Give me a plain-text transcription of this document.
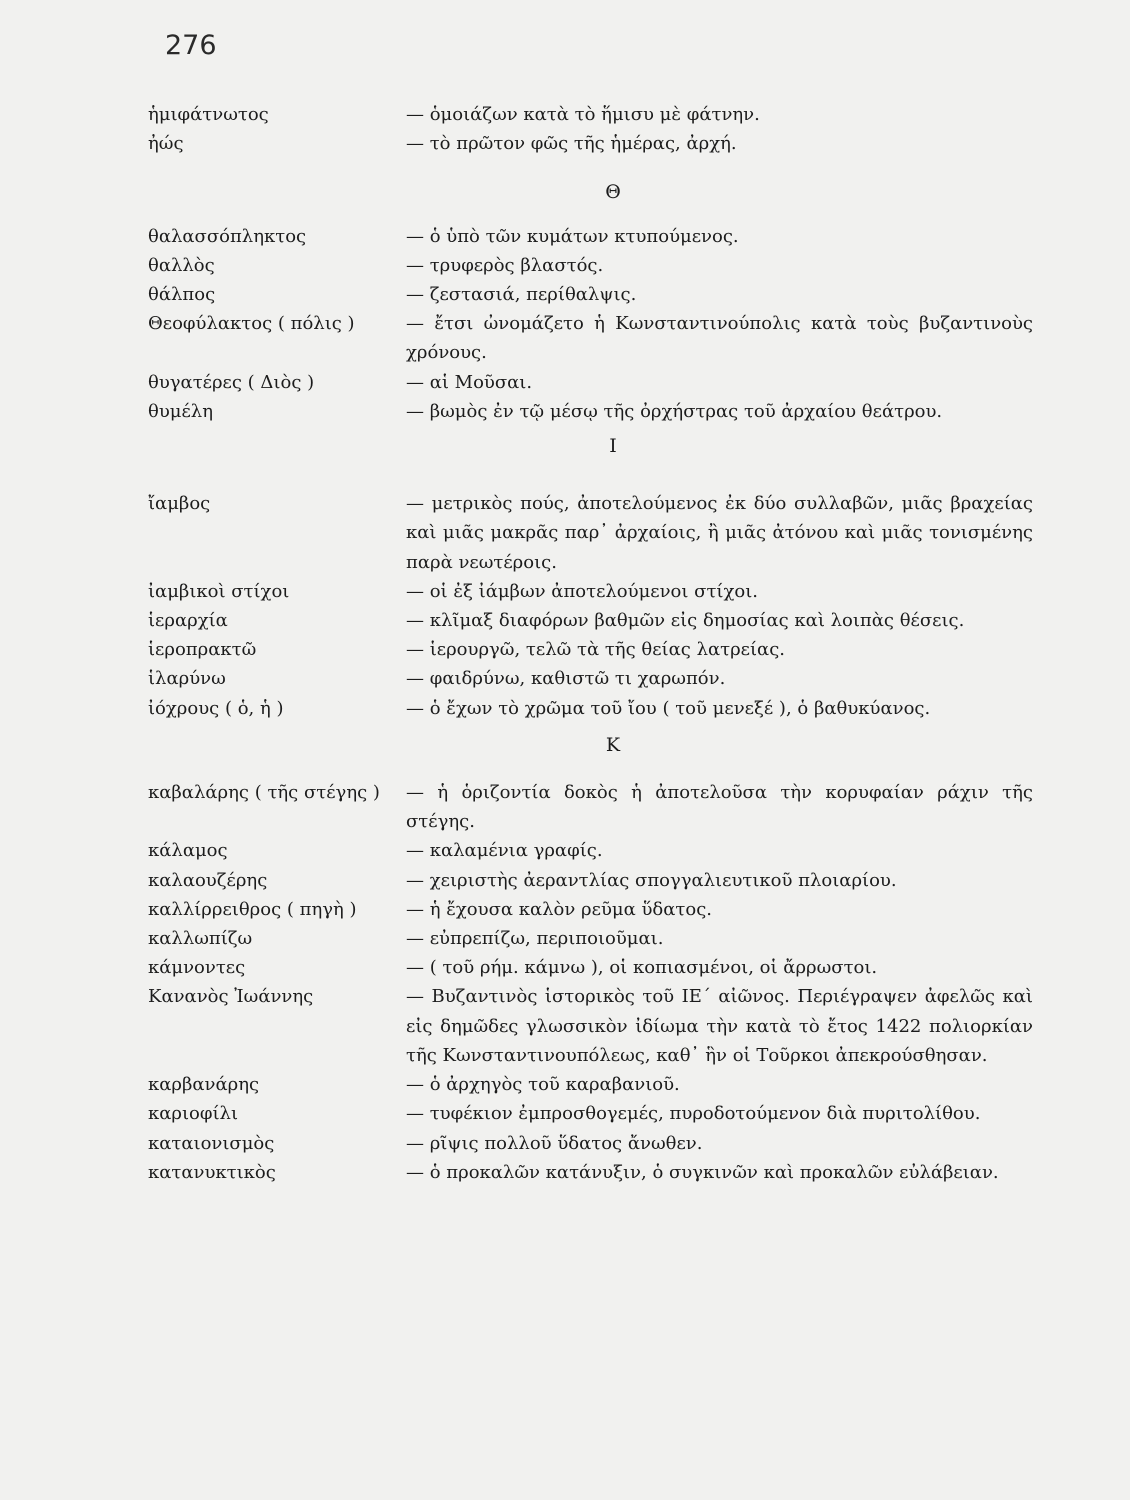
276
ἡμιφάτνωτος	— ὁμοιάζων κατὰ τὸ ἥμισυ μὲ φάτνην.
ἠώς	— τὸ πρῶτον φῶς τῆς ἡμέρας, ἀρχή.
Θ
θαλασσόπληκτος	— ὁ ὑπὸ τῶν κυμάτων κτυπούμενος.
θαλλὸς	— τρυφερὸς βλαστός.
θάλπος	— ζεστασιά, περίθαλψις.
Θεοφύλακτος ( πόλις )	— ἔτσι ὠνομάζετο ἡ Κωνσταντινούπολις κατὰ τοὺς βυζαντινοὺς χρόνους.
θυγατέρες ( Διὸς )	— αἱ Μοῦσαι.
θυμέλη	— βωμὸς ἐν τῷ μέσῳ τῆς ὀρχήστρας τοῦ ἀρχαίου θεάτρου.
Ι
ἴαμβος	— μετρικὸς πούς, ἀποτελούμενος ἐκ δύο συλλαβῶν, μιᾶς βραχείας καὶ μιᾶς μακρᾶς παρ᾽ ἀρχαίοις, ἢ μιᾶς ἀτόνου καὶ μιᾶς τονισμένης παρὰ νεωτέροις.
ἰαμβικοὶ στίχοι	— οἱ ἐξ ἰάμβων ἀποτελούμενοι στίχοι.
ἱεραρχία	— κλῖμαξ διαφόρων βαθμῶν εἰς δημοσίας καὶ λοιπὰς θέσεις.
ἱεροπρακτῶ	— ἱερουργῶ, τελῶ τὰ τῆς θείας λατρείας.
ἱλαρύνω	— φαιδρύνω, καθιστῶ τι χαρωπόν.
ἰόχρους ( ὁ, ἡ )	— ὁ ἔχων τὸ χρῶμα τοῦ ἴου ( τοῦ μενεξέ ), ὁ βαθυκύανος.
Κ
καβαλάρης ( τῆς στέγης )	— ἡ ὁριζοντία δοκὸς ἡ ἀποτελοῦσα τὴν κορυφαίαν ράχιν τῆς στέγης.
κάλαμος	— καλαμένια γραφίς.
καλαουζέρης	— χειριστὴς ἀεραντλίας σπογγαλιευτικοῦ πλοιαρίου.
καλλίρρειθρος ( πηγὴ )	— ἡ ἔχουσα καλὸν ρεῦμα ὕδατος.
καλλωπίζω	— εὐπρεπίζω, περιποιοῦμαι.
κάμνοντες	— ( τοῦ ρήμ. κάμνω ), οἱ κοπιασμένοι, οἱ ἄρρωστοι.
Κανανὸς Ἰωάννης	— Βυζαντινὸς ἱστορικὸς τοῦ ΙΕ´ αἰῶνος. Περιέγραψεν ἀφελῶς καὶ εἰς δημῶδες γλωσσικὸν ἰδίωμα τὴν κατὰ τὸ ἔτος 1422 πολιορκίαν τῆς Κωνσταντινουπόλεως, καθ᾽ ἣν οἱ Τοῦρκοι ἀπεκρούσθησαν.
καρβανάρης	— ὁ ἀρχηγὸς τοῦ καραβανιοῦ.
καριοφίλι	— τυφέκιον ἐμπροσθογεμές, πυροδοτούμενον διὰ πυριτολίθου.
καταιονισμὸς	— ρῖψις πολλοῦ ὕδατος ἄνωθεν.
κατανυκτικὸς	— ὁ προκαλῶν κατάνυξιν, ὁ συγκινῶν καὶ προκαλῶν εὐλάβειαν.
